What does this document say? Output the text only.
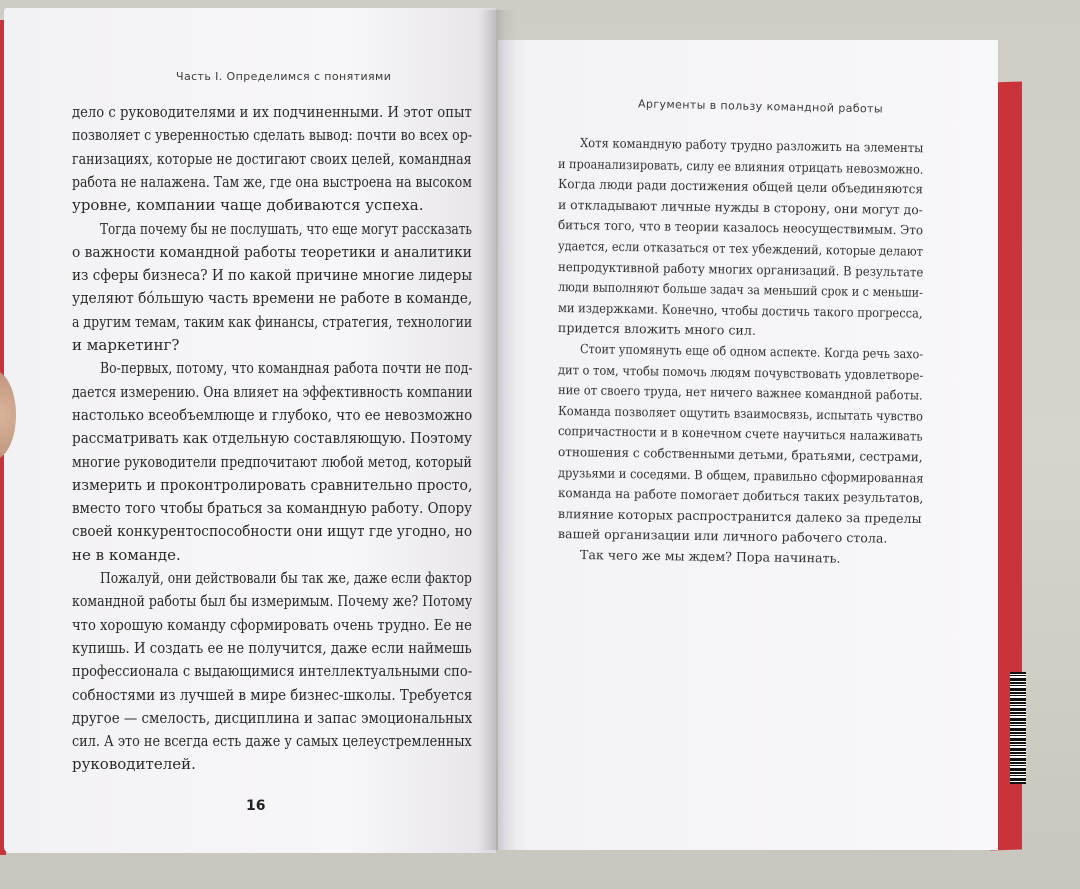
Часть I. Определимся с понятиями
дело с руководителями и их подчиненными. И этот опыт
позволяет с уверенностью сделать вывод: почти во всех ор-
ганизациях, которые не достигают своих целей, командная
работа не налажена. Там же, где она выстроена на высоком
уровне, компании чаще добиваются успеха.
Тогда почему бы не послушать, что еще могут рассказать
о важности командной работы теоретики и аналитики
из сферы бизнеса? И по какой причине многие лидеры
уделяют бóльшую часть времени не работе в команде,
а другим темам, таким как финансы, стратегия, технологии
и маркетинг?
Во-первых, потому, что командная работа почти не под-
дается измерению. Она влияет на эффективность компании
настолько всеобъемлюще и глубоко, что ее невозможно
рассматривать как отдельную составляющую. Поэтому
многие руководители предпочитают любой метод, который
измерить и проконтролировать сравнительно просто,
вместо того чтобы браться за командную работу. Опору
своей конкурентоспособности они ищут где угодно, но
не в команде.
Пожалуй, они действовали бы так же, даже если фактор
командной работы был бы измеримым. Почему же? Потому
что хорошую команду сформировать очень трудно. Ее не
купишь. И создать ее не получится, даже если наймешь
профессионала с выдающимися интеллектуальными спо-
собностями из лучшей в мире бизнес-школы. Требуется
другое — смелость, дисциплина и запас эмоциональных
сил. А это не всегда есть даже у самых целеустремленных
руководителей.
16
Аргументы в пользу командной работы
Хотя командную работу трудно разложить на элементы
и проанализировать, силу ее влияния отрицать невозможно.
Когда люди ради достижения общей цели объединяются
и откладывают личные нужды в сторону, они могут до-
биться того, что в теории казалось неосуществимым. Это
удается, если отказаться от тех убеждений, которые делают
непродуктивной работу многих организаций. В результате
люди выполняют больше задач за меньший срок и с меньши-
ми издержками. Конечно, чтобы достичь такого прогресса,
придется вложить много сил.
Стоит упомянуть еще об одном аспекте. Когда речь захо-
дит о том, чтобы помочь людям почувствовать удовлетворе-
ние от своего труда, нет ничего важнее командной работы.
Команда позволяет ощутить взаимосвязь, испытать чувство
сопричастности и в конечном счете научиться налаживать
отношения с собственными детьми, братьями, сестрами,
друзьями и соседями. В общем, правильно сформированная
команда на работе помогает добиться таких результатов,
влияние которых распространится далеко за пределы
вашей организации или личного рабочего стола.
Так чего же мы ждем? Пора начинать.
